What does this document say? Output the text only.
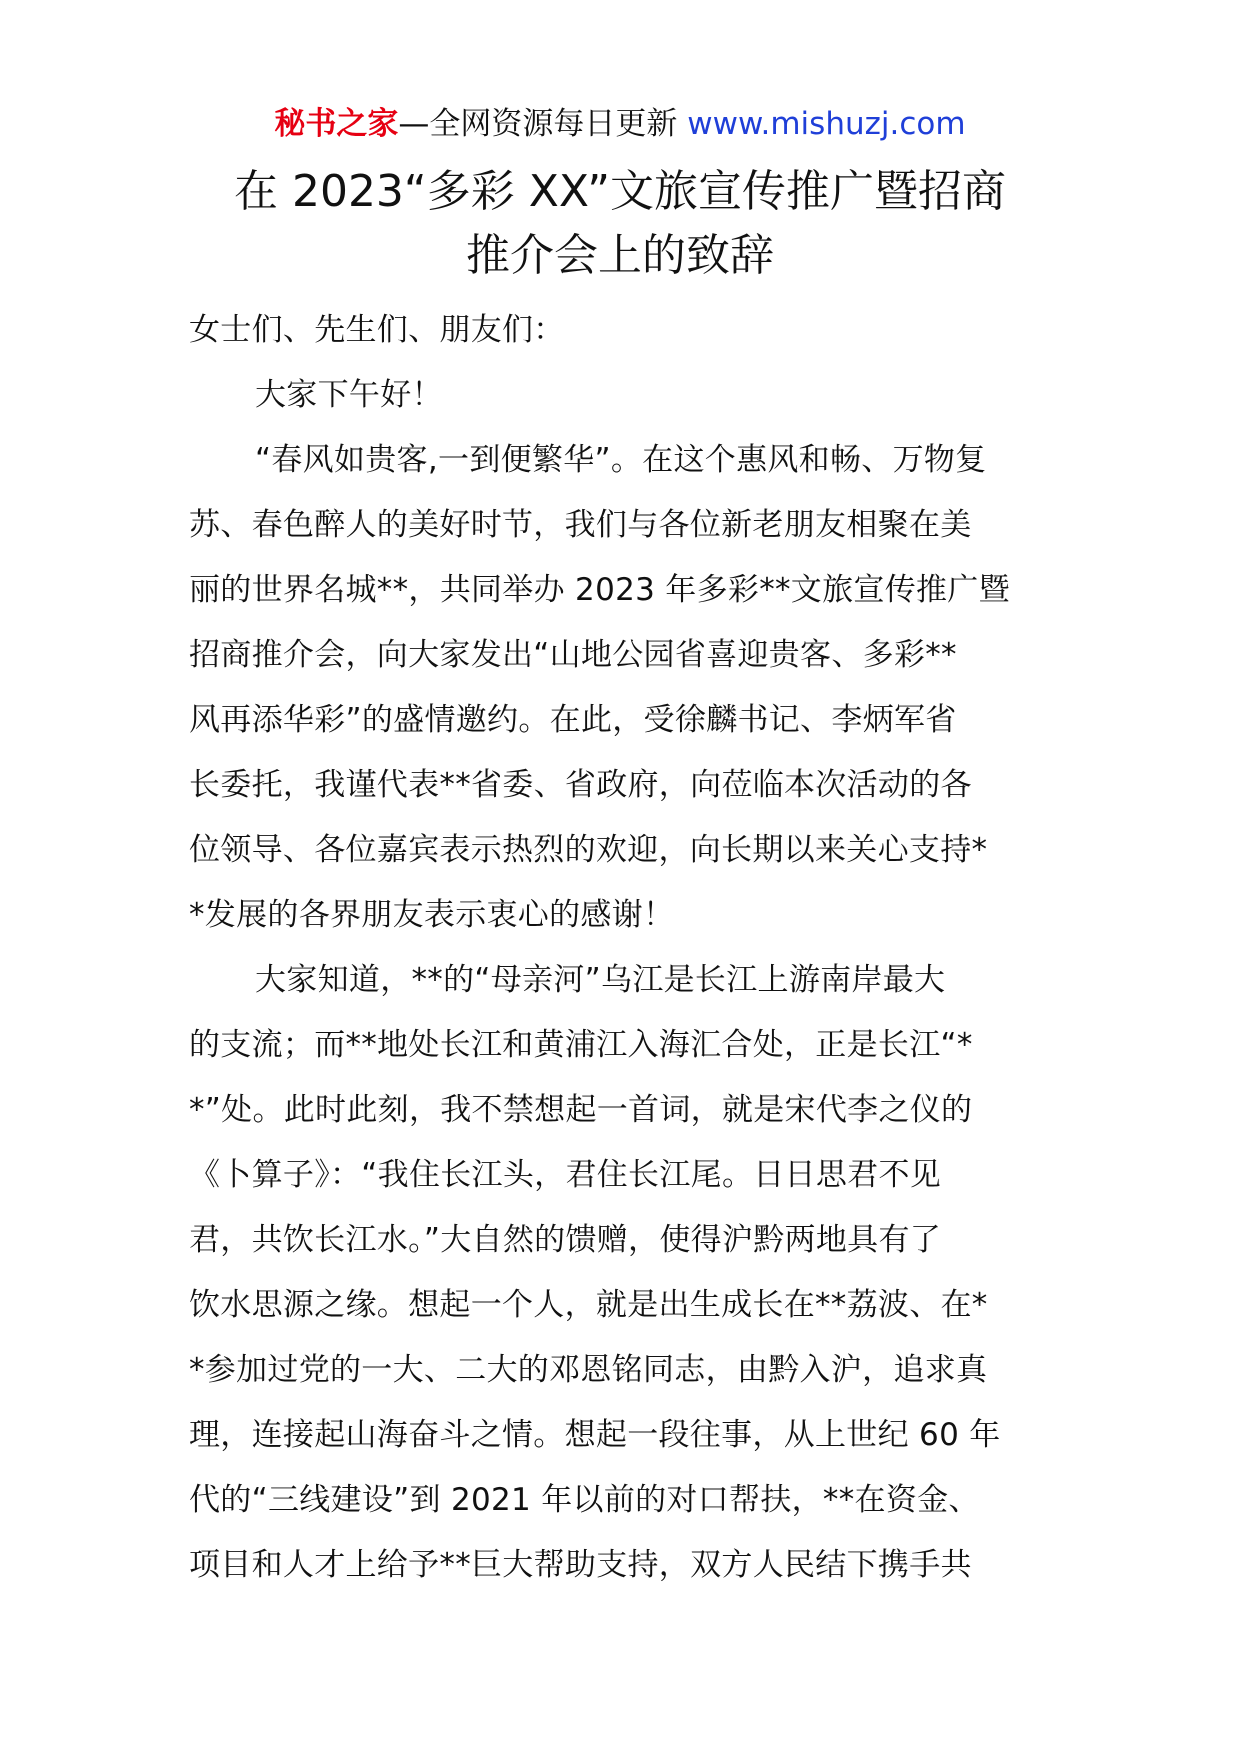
秘书之家—全网资源每日更新 www.mishuzj.com
在 2023“多彩 XX”文旅宣传推广暨招商
推介会上的致辞
女士们、先生们、朋友们：
大家下午好！
“春风如贵客,一到便繁华”。在这个惠风和畅、万物复
苏、春色醉人的美好时节，我们与各位新老朋友相聚在美
丽的世界名城**，共同举办 2023 年多彩**文旅宣传推广暨
招商推介会，向大家发出“山地公园省喜迎贵客、多彩**
风再添华彩”的盛情邀约。在此，受徐麟书记、李炳军省
长委托，我谨代表**省委、省政府，向莅临本次活动的各
位领导、各位嘉宾表示热烈的欢迎，向长期以来关心支持*
*发展的各界朋友表示衷心的感谢！
大家知道，**的“母亲河”乌江是长江上游南岸最大
的支流；而**地处长江和黄浦江入海汇合处，正是长江“*
*”处。此时此刻，我不禁想起一首词，就是宋代李之仪的
《卜算子》：“我住长江头，君住长江尾。日日思君不见
君，共饮长江水。”大自然的馈赠，使得沪黔两地具有了
饮水思源之缘。想起一个人，就是出生成长在**荔波、在*
*参加过党的一大、二大的邓恩铭同志，由黔入沪，追求真
理，连接起山海奋斗之情。想起一段往事，从上世纪 60 年
代的“三线建设”到 2021 年以前的对口帮扶，**在资金、
项目和人才上给予**巨大帮助支持，双方人民结下携手共
